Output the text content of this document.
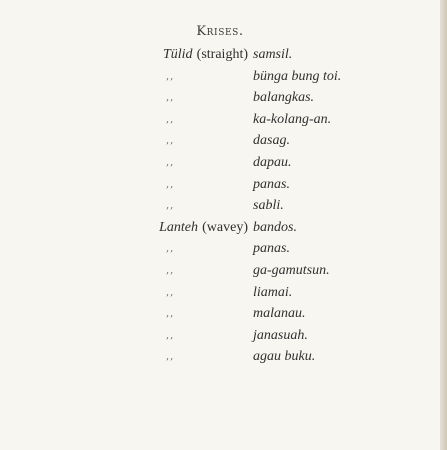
Krises.
Tülid (straight) samsil.
,,	bünga bung toi.
,,	balangkas.
,,	ka-kolang-an.
,,	dasag.
,,	dapau.
,,	panas.
,,	sabli.
Lanteh (wavey) bandos.
,,	panas.
,,	ga-gamutsun.
,,	liamai.
,,	malanau.
,,	janasuah.
,,	agau buku.
